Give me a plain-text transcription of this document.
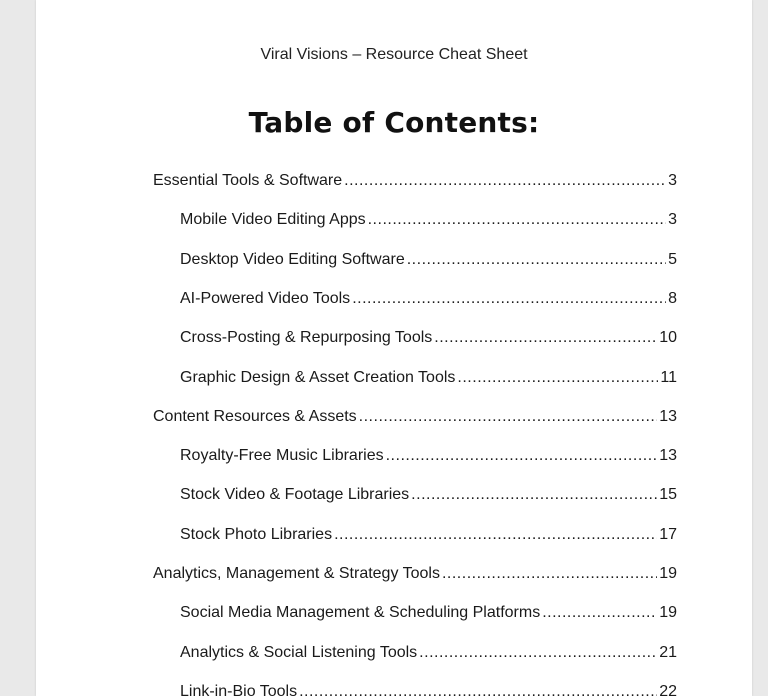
Viral Visions – Resource Cheat Sheet
Table of Contents:
Essential Tools & Software .....	3
Mobile Video Editing Apps .....	3
Desktop Video Editing Software .....	5
AI-Powered Video Tools .....	8
Cross-Posting & Repurposing Tools .....	10
Graphic Design & Asset Creation Tools .....	11
Content Resources & Assets .....	13
Royalty-Free Music Libraries .....	13
Stock Video & Footage Libraries .....	15
Stock Photo Libraries .....	17
Analytics, Management & Strategy Tools .....	19
Social Media Management & Scheduling Platforms .....	19
Analytics & Social Listening Tools .....	21
Link-in-Bio Tools .....	22
